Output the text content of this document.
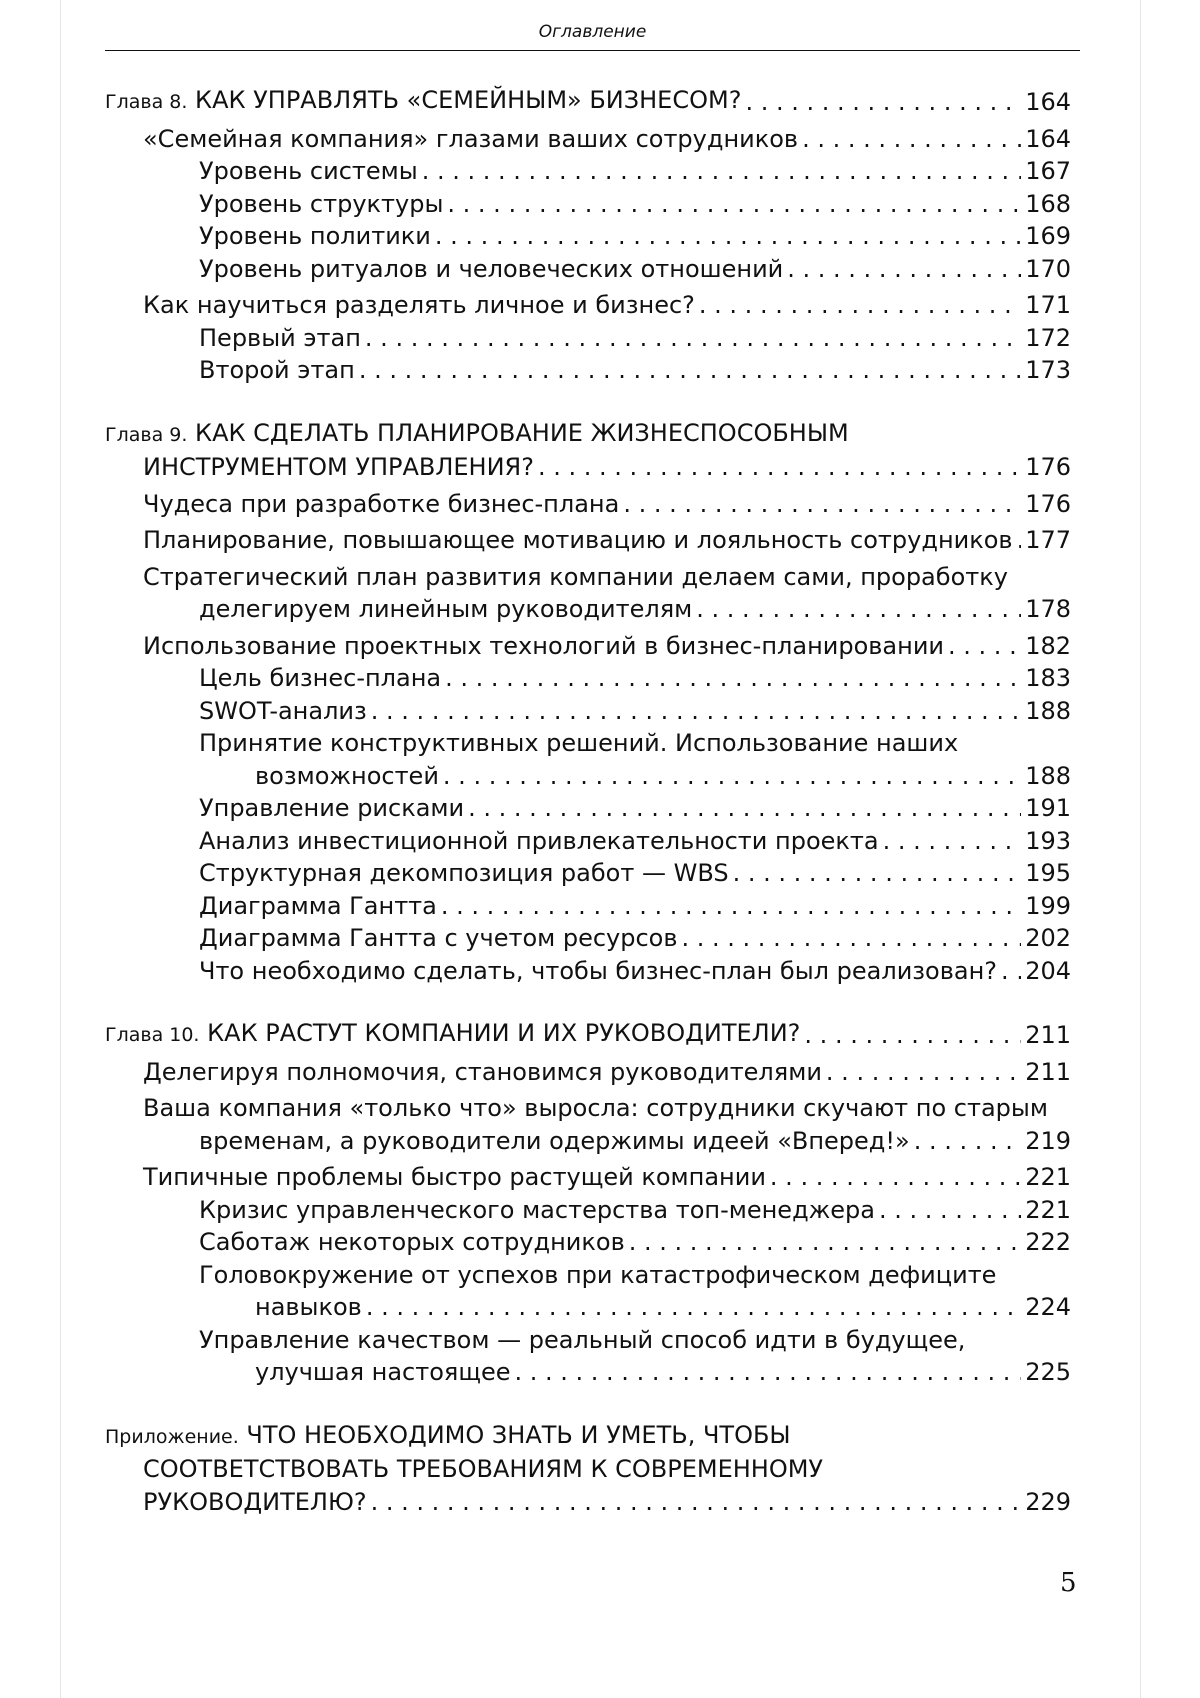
Оглавление
Глава 8. КАК УПРАВЛЯТЬ «СЕМЕЙНЫМ» БИЗНЕСОМ? . . .	164
«Семейная компания» глазами ваших сотрудников . . .	164
Уровень системы . . .	167
Уровень структуры . . .	168
Уровень политики . . .	169
Уровень ритуалов и человеческих отношений . . .	170
Как научиться разделять личное и бизнес? . . .	171
Первый этап . . .	172
Второй этап . . .	173
Глава 9. КАК СДЕЛАТЬ ПЛАНИРОВАНИЕ ЖИЗНЕСПОСОБНЫМ
ИНСТРУМЕНТОМ УПРАВЛЕНИЯ? . . .	176
Чудеса при разработке бизнес-плана . . .	176
Планирование, повышающее мотивацию и лояльность сотрудников . . . 177
Стратегический план развития компании делаем сами, проработку
делегируем линейным руководителям . . .	178
Использование проектных технологий в бизнес-планировании . . .	182
Цель бизнес-плана . . .	183
SWOT-анализ . . .	188
Принятие конструктивных решений. Использование наших
возможностей . . .	188
Управление рисками . . .	191
Анализ инвестиционной привлекательности проекта . . .	193
Структурная декомпозиция работ — WBS . . .	195
Диаграмма Гантта . . .	199
Диаграмма Гантта с учетом ресурсов . . .	202
Что необходимо сделать, чтобы бизнес-план был реализован? . . . 204
Глава 10. КАК РАСТУТ КОМПАНИИ И ИХ РУКОВОДИТЕЛИ? . . .	211
Делегируя полномочия, становимся руководителями . . .	211
Ваша компания «только что» выросла: сотрудники скучают по старым
временам, а руководители одержимы идеей «Вперед!» . . .	219
Типичные проблемы быстро растущей компании . . .	221
Кризис управленческого мастерства топ-менеджера . . .	221
Саботаж некоторых сотрудников . . .	222
Головокружение от успехов при катастрофическом дефиците
навыков . . .	224
Управление качеством — реальный способ идти в будущее,
улучшая настоящее . . .	225
Приложение. ЧТО НЕОБХОДИМО ЗНАТЬ И УМЕТЬ, ЧТОБЫ
СООТВЕТСТВОВАТЬ ТРЕБОВАНИЯМ К СОВРЕМЕННОМУ
РУКОВОДИТЕЛЮ? . . .	229
5
